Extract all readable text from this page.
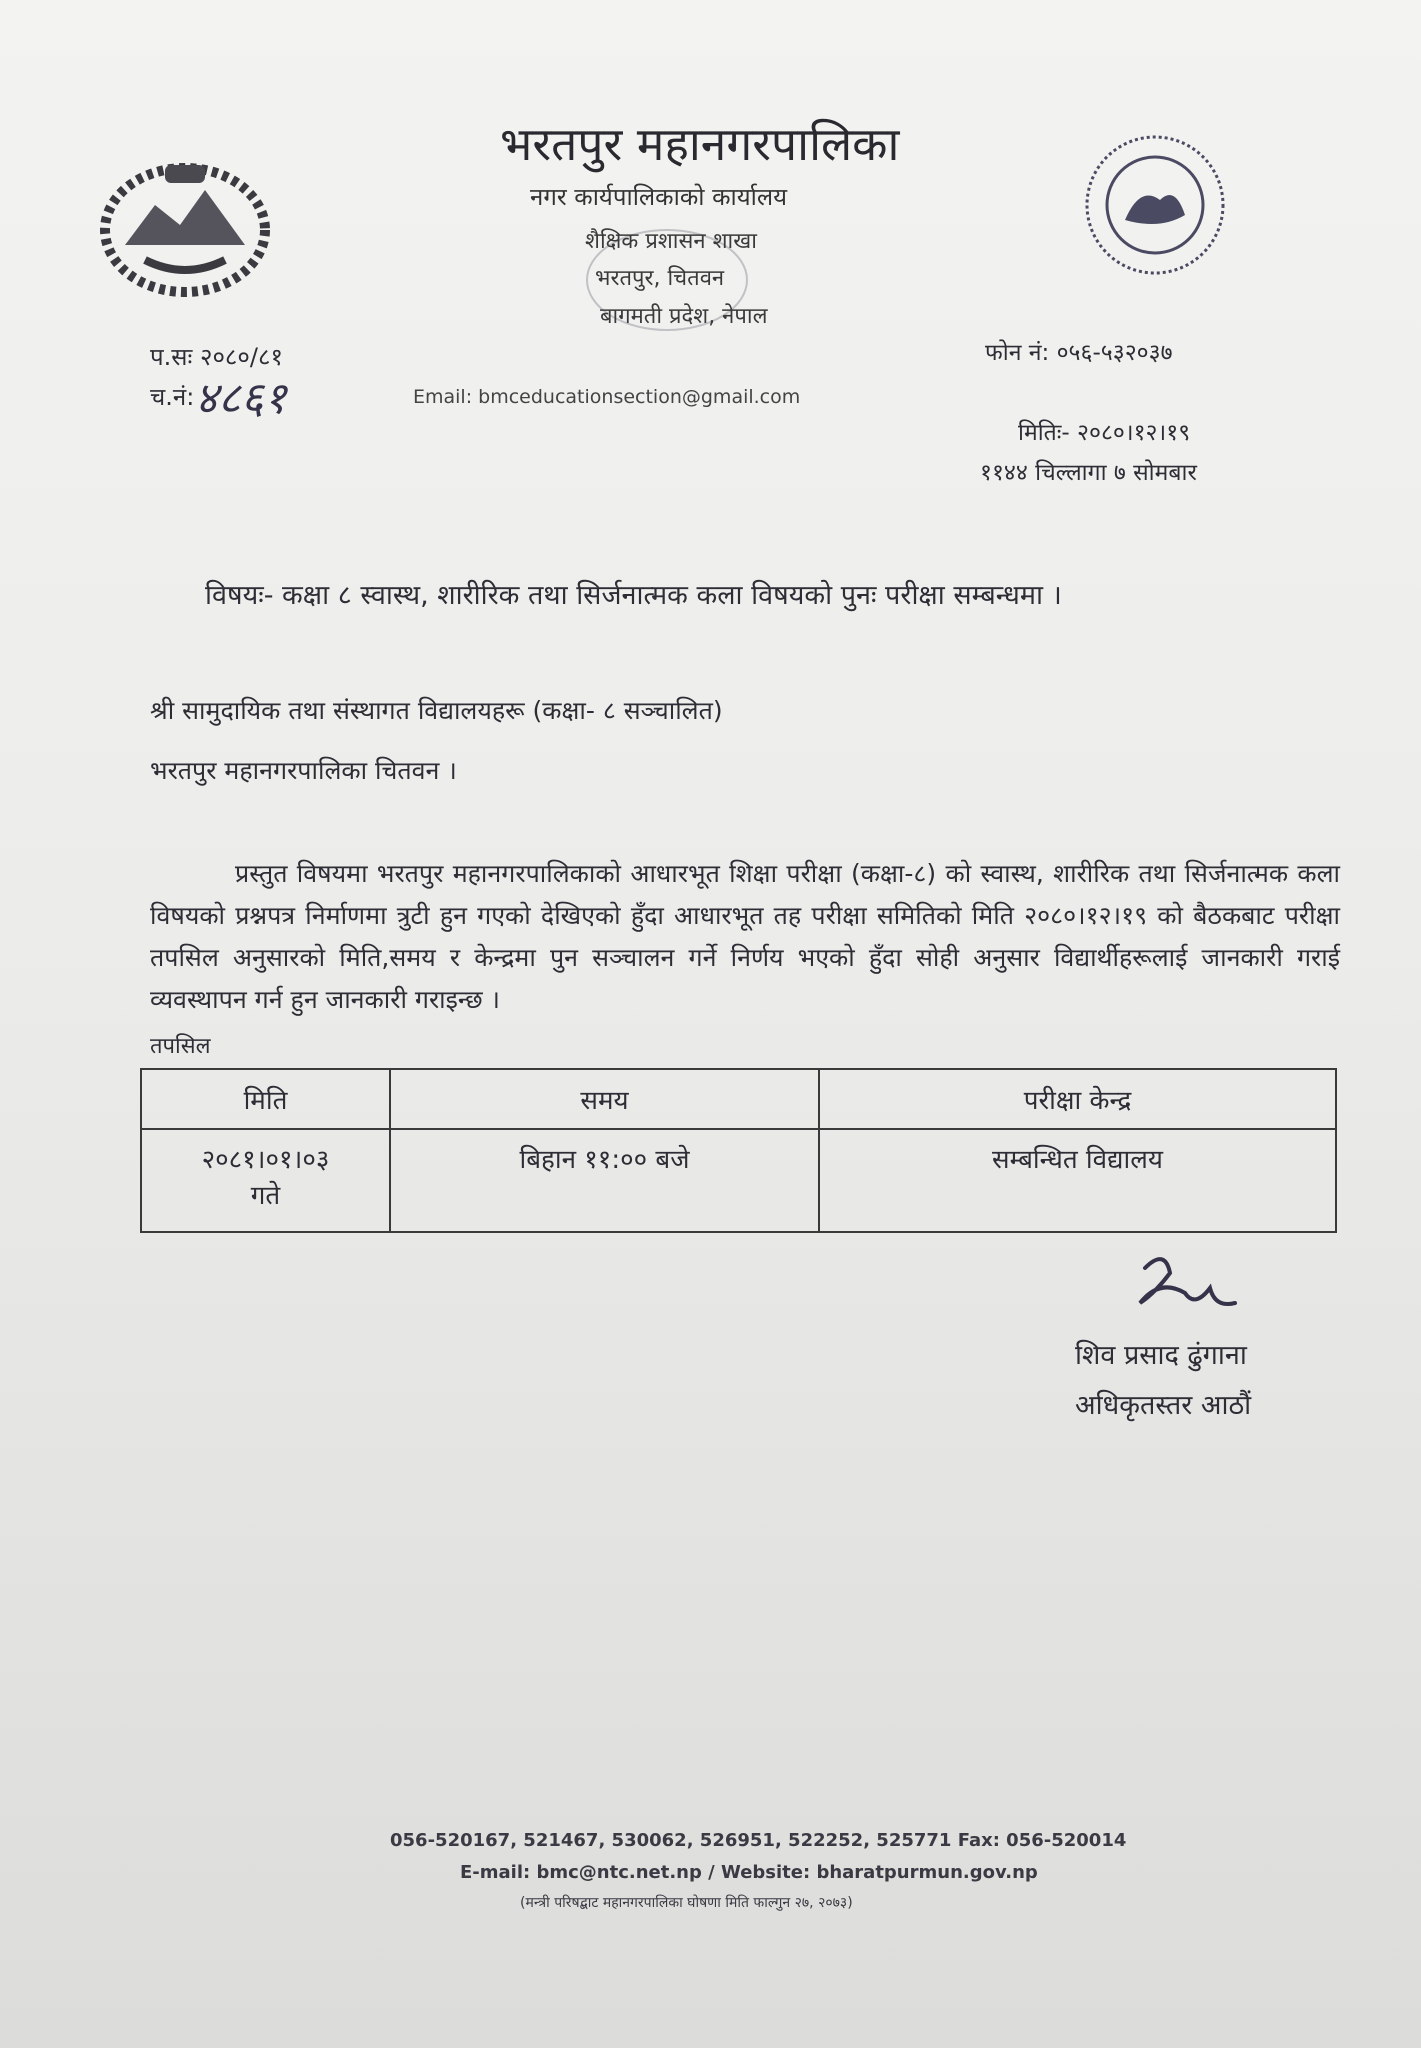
भरतपुर महानगरपालिका
नगर कार्यपालिकाको कार्यालय
शैक्षिक प्रशासन शाखा
भरतपुर, चितवन
बागमती प्रदेश, नेपाल
प.सः २०८०/८१
च.नं: ४८६१	Email: bmceducationsection@gmail.com
फोन नं: ०५६-५३२०३७
मितिः- २०८०।१२।१९
११४४ चिल्लागा ७ सोमबार
विषयः- कक्षा ८ स्वास्थ, शारीरिक तथा सिर्जनात्मक कला विषयको पुनः परीक्षा सम्बन्धमा ।
श्री सामुदायिक तथा संस्थागत विद्यालयहरू (कक्षा- ८ सञ्चालित)
भरतपुर महानगरपालिका चितवन ।
प्रस्तुत विषयमा भरतपुर महानगरपालिकाको आधारभूत शिक्षा परीक्षा (कक्षा-८) को स्वास्थ, शारीरिक तथा सिर्जनात्मक कला विषयको प्रश्नपत्र निर्माणमा त्रुटी हुन गएको देखिएको हुँदा आधारभूत तह परीक्षा समितिको मिति २०८०।१२।१९ को बैठकबाट परीक्षा तपसिल अनुसारको मिति,समय र केन्द्रमा पुन सञ्चालन गर्ने निर्णय भएको हुँदा सोही अनुसार विद्यार्थीहरूलाई जानकारी गराई व्यवस्थापन गर्न हुन जानकारी गराइन्छ ।
तपसिल
मिति	समय	परीक्षा केन्द्र

२०८१।०१।०३
गते	बिहान ११:०० बजे	सम्बन्धित विद्यालय
शिव प्रसाद ढुंगाना
अधिकृतस्तर आठौं
056-520167, 521467, 530062, 526951, 522252, 525771 Fax: 056-520014
E-mail: bmc@ntc.net.np / Website: bharatpurmun.gov.np
(मन्त्री परिषद्बाट महानगरपालिका घोषणा मिति फाल्गुन २७, २०७३)
